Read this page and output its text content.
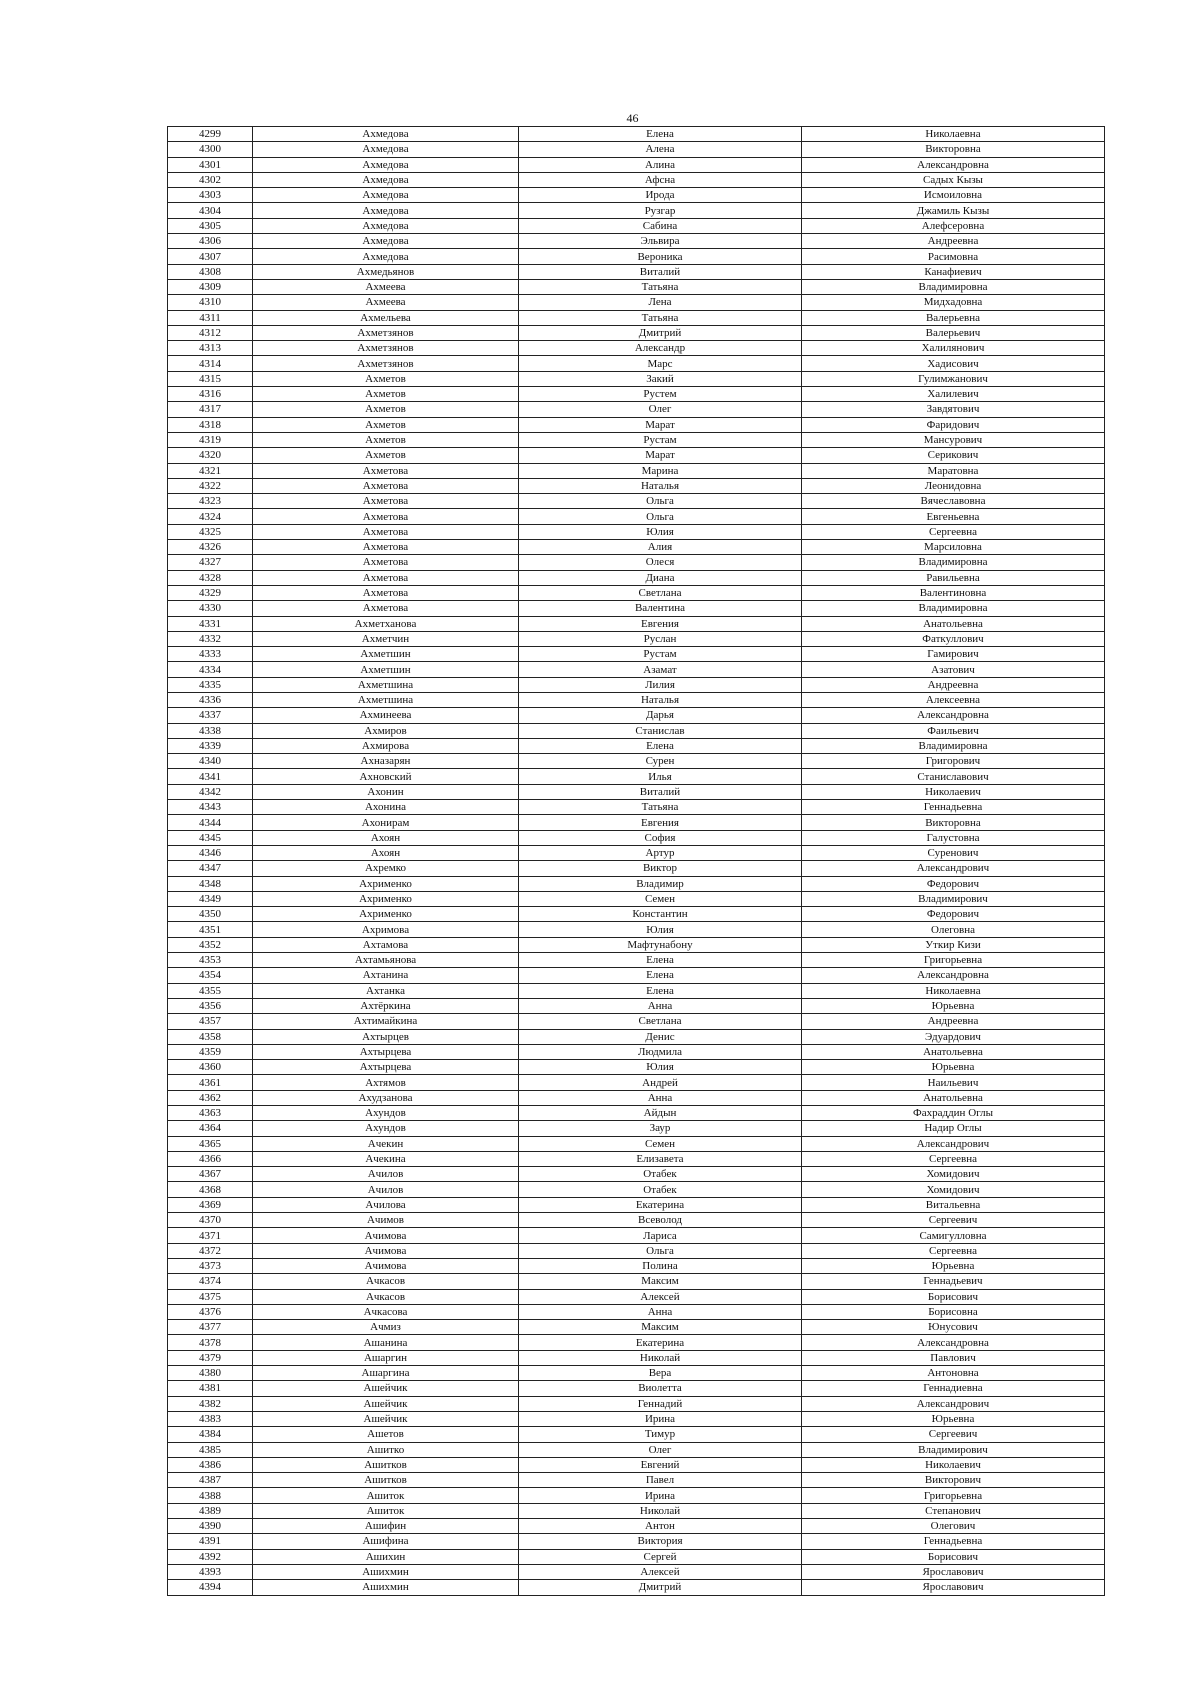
46
4299	Ахмедова	Елена	Николаевна
4300	Ахмедова	Алена	Викторовна
4301	Ахмедова	Алина	Александровна
4302	Ахмедова	Афсна	Садых Кызы
4303	Ахмедова	Ирода	Исмоиловна
4304	Ахмедова	Рузгар	Джамиль Кызы
4305	Ахмедова	Сабина	Алефсеровна
4306	Ахмедова	Эльвира	Андреевна
4307	Ахмедова	Вероника	Расимовна
4308	Ахмедьянов	Виталий	Канафиевич
4309	Ахмеева	Татьяна	Владимировна
4310	Ахмеева	Лена	Мидхадовна
4311	Ахмельева	Татьяна	Валерьевна
4312	Ахметзянов	Дмитрий	Валерьевич
4313	Ахметзянов	Александр	Халилянович
4314	Ахметзянов	Марс	Хадисович
4315	Ахметов	Закий	Гулимжанович
4316	Ахметов	Рустем	Халилевич
4317	Ахметов	Олег	Завдятович
4318	Ахметов	Марат	Фаридович
4319	Ахметов	Рустам	Мансурович
4320	Ахметов	Марат	Серикович
4321	Ахметова	Марина	Маратовна
4322	Ахметова	Наталья	Леонидовна
4323	Ахметова	Ольга	Вячеславовна
4324	Ахметова	Ольга	Евгеньевна
4325	Ахметова	Юлия	Сергеевна
4326	Ахметова	Алия	Марсиловна
4327	Ахметова	Олеся	Владимировна
4328	Ахметова	Диана	Равильевна
4329	Ахметова	Светлана	Валентиновна
4330	Ахметова	Валентина	Владимировна
4331	Ахметханова	Евгения	Анатольевна
4332	Ахметчин	Руслан	Фаткуллович
4333	Ахметшин	Рустам	Гамирович
4334	Ахметшин	Азамат	Азатович
4335	Ахметшина	Лилия	Андреевна
4336	Ахметшина	Наталья	Алексеевна
4337	Ахминеева	Дарья	Александровна
4338	Ахмиров	Станислав	Фаильевич
4339	Ахмирова	Елена	Владимировна
4340	Ахназарян	Сурен	Григорович
4341	Ахновский	Илья	Станиславович
4342	Ахонин	Виталий	Николаевич
4343	Ахонина	Татьяна	Геннадьевна
4344	Ахонирам	Евгения	Викторовна
4345	Ахоян	София	Галустовна
4346	Ахоян	Артур	Суренович
4347	Ахремко	Виктор	Александрович
4348	Ахрименко	Владимир	Федорович
4349	Ахрименко	Семен	Владимирович
4350	Ахрименко	Константин	Федорович
4351	Ахримова	Юлия	Олеговна
4352	Ахтамова	Мафтунабону	Уткир Кизи
4353	Ахтамьянова	Елена	Григорьевна
4354	Ахтанина	Елена	Александровна
4355	Ахтанка	Елена	Николаевна
4356	Ахтёркина	Анна	Юрьевна
4357	Ахтимайкина	Светлана	Андреевна
4358	Ахтырцев	Денис	Эдуардович
4359	Ахтырцева	Людмила	Анатольевна
4360	Ахтырцева	Юлия	Юрьевна
4361	Ахтямов	Андрей	Наильевич
4362	Ахудзанова	Анна	Анатольевна
4363	Ахундов	Айдын	Фахраддин Оглы
4364	Ахундов	Заур	Надир Оглы
4365	Ачекин	Семен	Александрович
4366	Ачекина	Елизавета	Сергеевна
4367	Ачилов	Отабек	Хомидович
4368	Ачилов	Отабек	Хомидович
4369	Ачилова	Екатерина	Витальевна
4370	Ачимов	Всеволод	Сергеевич
4371	Ачимова	Лариса	Самигулловна
4372	Ачимова	Ольга	Сергеевна
4373	Ачимова	Полина	Юрьевна
4374	Ачкасов	Максим	Геннадьевич
4375	Ачкасов	Алексей	Борисович
4376	Ачкасова	Анна	Борисовна
4377	Ачмиз	Максим	Юнусович
4378	Ашанина	Екатерина	Александровна
4379	Ашаргин	Николай	Павлович
4380	Ашаргина	Вера	Антоновна
4381	Ашейчик	Виолетта	Геннадиевна
4382	Ашейчик	Геннадий	Александрович
4383	Ашейчик	Ирина	Юрьевна
4384	Ашетов	Тимур	Сергеевич
4385	Ашитко	Олег	Владимирович
4386	Ашитков	Евгений	Николаевич
4387	Ашитков	Павел	Викторович
4388	Ашиток	Ирина	Григорьевна
4389	Ашиток	Николай	Степанович
4390	Ашифин	Антон	Олегович
4391	Ашифина	Виктория	Геннадьевна
4392	Ашихин	Сергей	Борисович
4393	Ашихмин	Алексей	Ярославович
4394	Ашихмин	Дмитрий	Ярославович
